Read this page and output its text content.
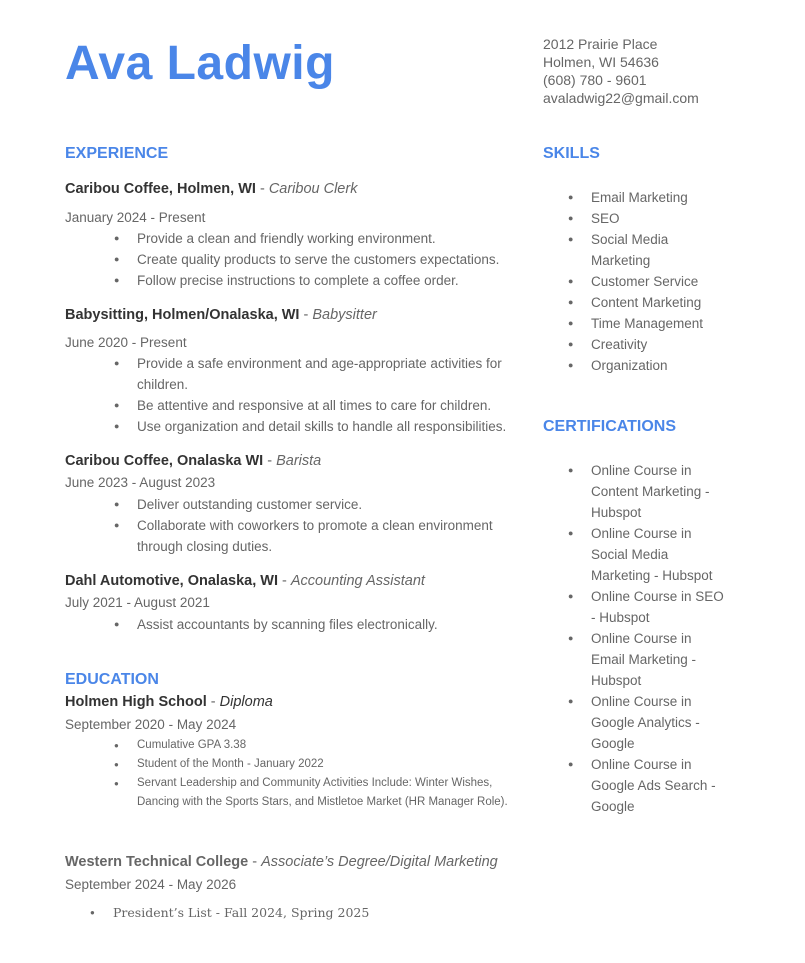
Ava Ladwig	2012 Prairie Place
Holmen, WI 54636
(608) 780 - 9601
avaladwig22@gmail.com
EXPERIENCE
Caribou Coffee, Holmen, WI - Caribou Clerk
January 2024 - Present
● Provide a clean and friendly working environment.
● Create quality products to serve the customers expectations.
● Follow precise instructions to complete a coffee order.
Babysitting, Holmen/Onalaska, WI - Babysitter
June 2020 - Present
● Provide a safe environment and age-appropriate activities for children.
● Be attentive and responsive at all times to care for children.
● Use organization and detail skills to handle all responsibilities.
Caribou Coffee, Onalaska WI - Barista
June 2023 - August 2023
● Deliver outstanding customer service.
● Collaborate with coworkers to promote a clean environment through closing duties.
Dahl Automotive, Onalaska, WI - Accounting Assistant
July 2021 - August 2021
● Assist accountants by scanning files electronically.
EDUCATION
Holmen High School - Diploma
September 2020 - May 2024
● Cumulative GPA 3.38
● Student of the Month - January 2022
● Servant Leadership and Community Activities Include: Winter Wishes, Dancing with the Sports Stars, and Mistletoe Market (HR Manager Role).
Western Technical College - Associate’s Degree/Digital Marketing
September 2024 - May 2026
● President’s List - Fall 2024, Spring 2025
SKILLS
● Email Marketing
● SEO
● Social Media Marketing
● Customer Service
● Content Marketing
● Time Management
● Creativity
● Organization
CERTIFICATIONS
● Online Course in Content Marketing - Hubspot
● Online Course in Social Media Marketing - Hubspot
● Online Course in SEO - Hubspot
● Online Course in Email Marketing - Hubspot
● Online Course in Google Analytics - Google
● Online Course in Google Ads Search - Google
